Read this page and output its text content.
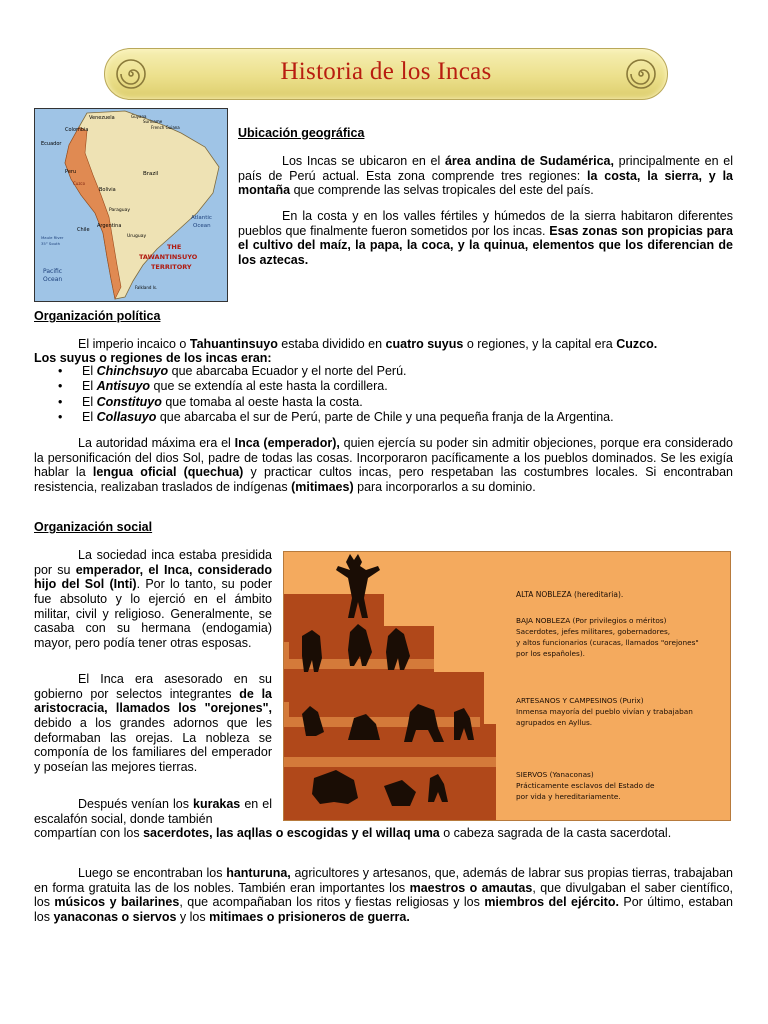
Historia de los Incas
Venezuela	Guyana
Suriname
French Guiana
Colombia
Ecuador
Peru
Cuzco
Brazil
Bolivia
Paraguay
Chile
Argentina
Uruguay
Atlantic
Ocean
Pacific
Ocean
Maule River
35° South	THE
TAWANTINSUYO
TERRITORY
Falkland Is.

Ubicación geográfica

Los Incas se ubicaron en el área andina de Sudamérica, principalmente en el país de Perú actual. Esta zona comprende tres regiones: la costa, la sierra, y la montaña que comprende las selvas tropicales del este del país.

En la costa y en los valles fértiles y húmedos de la sierra habitaron diferentes pueblos que finalmente fueron sometidos por los incas. Esas zonas son propicias para el cultivo del maíz, la papa, la coca, y la quinua, elementos que los diferencian de los aztecas.

Organización política

El imperio incaico o Tahuantinsuyo estaba dividido en cuatro suyus o regiones, y la capital era Cuzco.

Los suyus o regiones de los incas eran:

• El Chinchsuyo que abarcaba Ecuador y el norte del Perú.
• El Antisuyo que se extendía al este hasta la cordillera.
• El Constituyo que tomaba al oeste hasta la costa.
• El Collasuyo que abarcaba el sur de Perú, parte de Chile y una pequeña franja de la Argentina.

La autoridad máxima era el Inca (emperador), quien ejercía su poder sin admitir objeciones, porque era considerado la personificación del dios Sol, padre de todas las cosas. Incorporaron pacíficamente a los pueblos dominados. Se les exigía hablar la lengua oficial (quechua) y practicar cultos incas, pero respetaban las costumbres locales. Si encontraban resistencia, realizaban traslados de indígenas (mitimaes) para incorporarlos a su dominio.

Organización social

La sociedad inca estaba presidida por su emperador, el Inca, considerado hijo del Sol (Inti). Por lo tanto, su poder fue absoluto y lo ejerció en el ámbito militar, civil y religioso. Generalmente, se casaba con su hermana (endogamia) mayor, pero podía tener otras esposas.

El Inca era asesorado en su gobierno por selectos integrantes de la aristocracia, llamados los "orejones", debido a los grandes adornos que les deformaban las orejas. La nobleza se componía de los familiares del emperador y poseían las mejores tierras.

Después venían los kurakas en el escalafón social, donde también

compartían con los sacerdotes, las aqllas o escogidas y el willaq uma o cabeza sagrada de la casta sacerdotal.

Luego se encontraban los hanturuna, agricultores y artesanos, que, además de labrar sus propias tierras, trabajaban en forma gratuita las de los nobles. También eran importantes los maestros o amautas, que divulgaban el saber científico, los músicos y bailarines, que acompañaban los ritos y fiestas religiosas y los miembros del ejército. Por último, estaban los yanaconas o siervos y los mitimaes o prisioneros de guerra.

ALTA NOBLEZA (hereditaria).
BAJA NOBLEZA (Por privilegios o méritos)
Sacerdotes, jefes militares, gobernadores,
y altos funcionarios (curacas, llamados "orejones"
por los españoles).
ARTESANOS Y CAMPESINOS (Purix)
Inmensa mayoría del pueblo vivían y trabajaban
agrupados en Ayllus.
SIERVOS (Yanaconas)
Prácticamente esclavos del Estado de
por vida y hereditariamente.
